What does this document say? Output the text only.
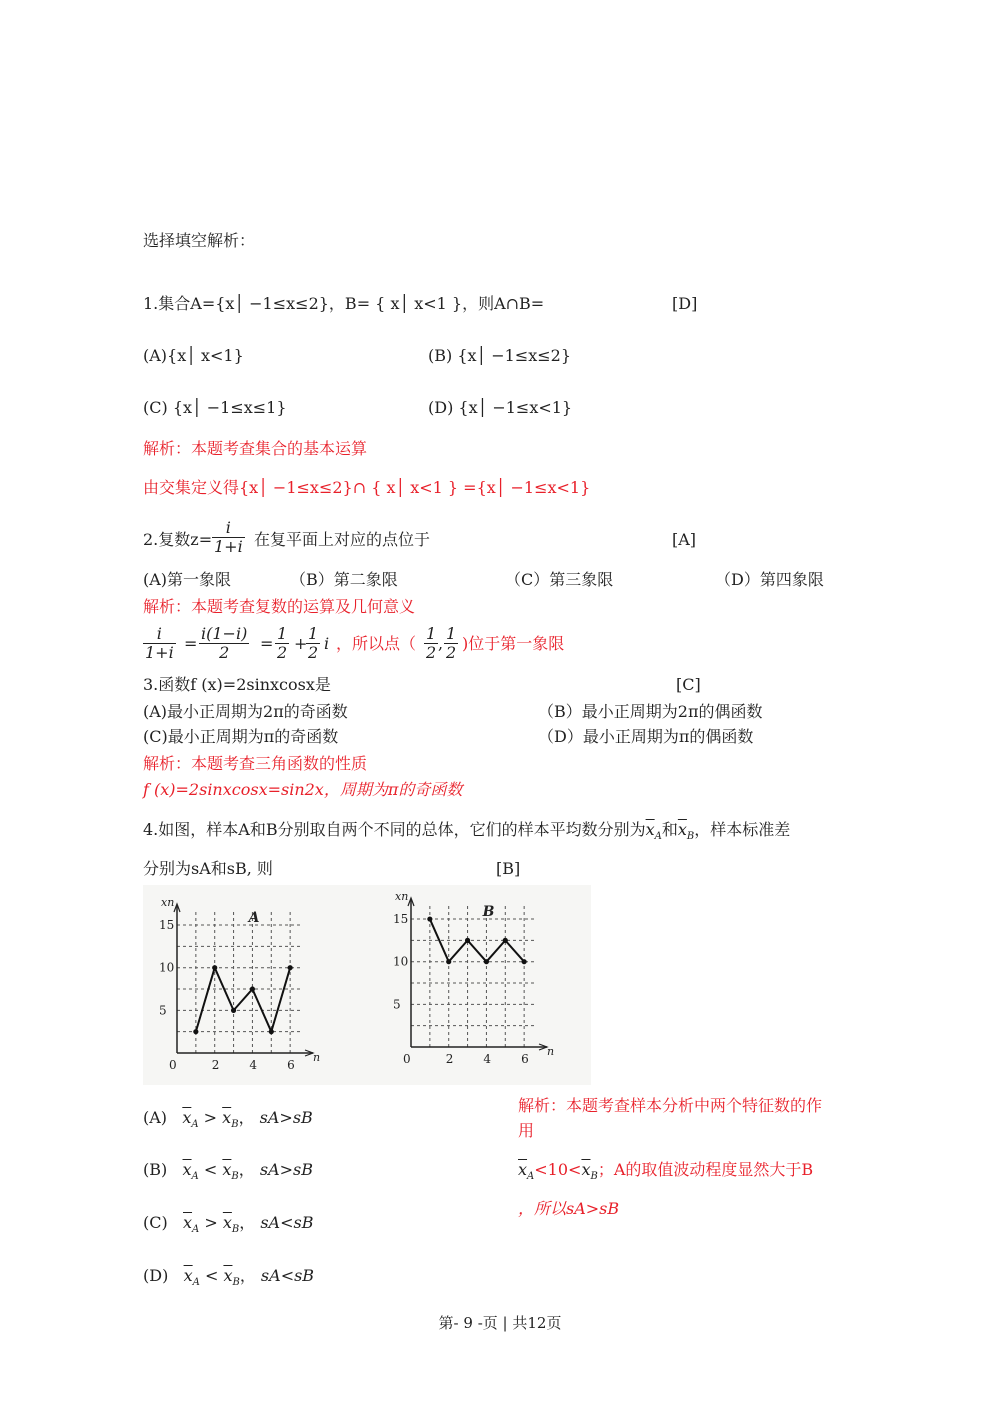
选择填空解析：
1.集合A={x│ −1≤x≤2}，B= { x│ x<1 }，则A∩B=	[D]
(A){x│ x<1}	(B) {x│ −1≤x≤2}
(C) {x│ −1≤x≤1}	(D) {x│ −1≤x<1}
解析：本题考查集合的基本运算
由交集定义得{x│ −1≤x≤2}∩ { x│ x<1 } ={x│ −1≤x<1}
2.复数$z= \frac{i}{1+i}$ 在复平面上对应的点位于	[A]
(A)第一象限	（B）第二象限	（C）第三象限	（D）第四象限
解析：本题考查复数的运算及几何意义
$\frac{i}{1+i} = \frac{i(1-i)}{2} = \frac{1}{2}$ +
$\frac{1}{2}$ i ，所以点（ $\frac{1}{2}$ , $\frac{1}{2}$ )位于第一象限
3.函数f (x)=2sinxcosx是	[C]
(A)最小正周期为2π的奇函数	（B）最小正周期为2π的偶函数
(C)最小正周期为π的奇函数	（D）最小正周期为π的偶函数
解析：本题考查三角函数的性质
f (x)=2sinxcosx=sin2x，周期为π的奇函数
4.如图，样本A和B分别取自两个不同的总体，它们的样本平均数分别为$\overline{x}_A$和$\overline{x}_B$，样本标准差
分别为sA和sB, 则	[B]
0	2	4	6
5
10
15	A
xn
n	0	2	4	6
5
10
15	B
xn
n
(A) $\overline{x}_A > \overline{x}_B$， sA>sB
(B) $\overline{x}_A < \overline{x}_B$， sA>sB
(C) $\overline{x}_A > \overline{x}_B$， sA<sB
(D) $\overline{x}_A < \overline{x}_B$， sA<sB
解析：本题考查样本分析中两个特征数的作
用
$\overline{x}_A<10<\overline{x}_B$；A的取值波动程度显然大于B
，所以sA>sB
第- 9 -页 | 共12页
